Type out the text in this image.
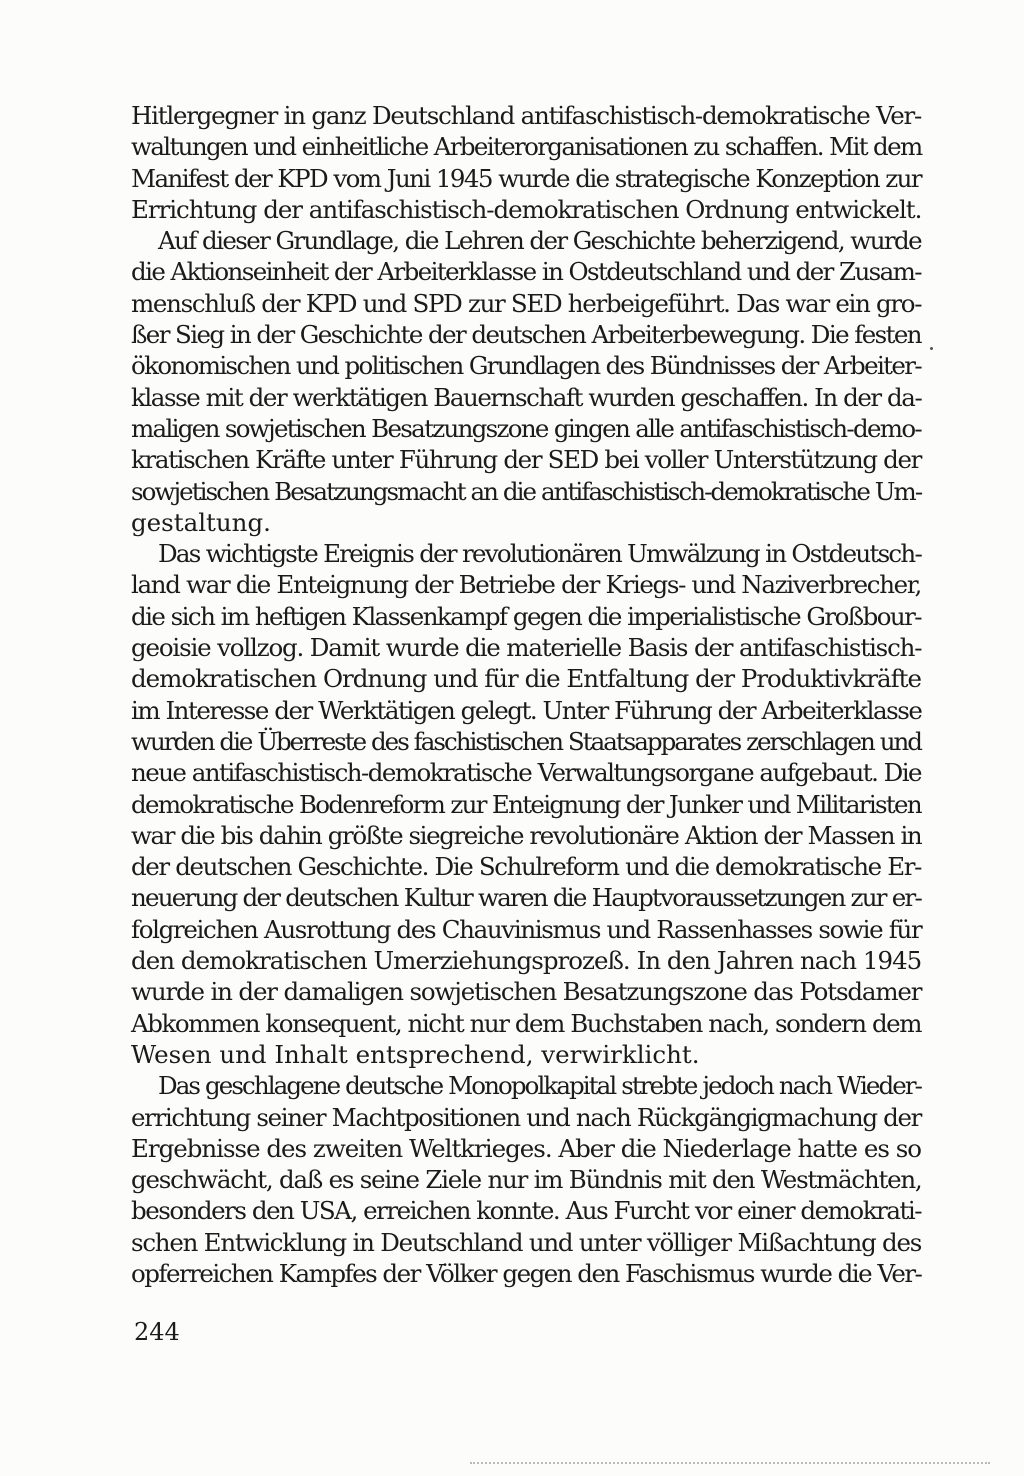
Hitlergegner in ganz Deutschland antifaschistisch-demokratische Ver-
waltungen und einheitliche Arbeiterorganisationen zu schaffen. Mit dem
Manifest der KPD vom Juni 1945 wurde die strategische Konzeption zur
Errichtung der antifaschistisch-demokratischen Ordnung entwickelt.
Auf dieser Grundlage, die Lehren der Geschichte beherzigend, wurde
die Aktionseinheit der Arbeiterklasse in Ostdeutschland und der Zusam-
menschluß der KPD und SPD zur SED herbeigeführt. Das war ein gro-
ßer Sieg in der Geschichte der deutschen Arbeiterbewegung. Die festen
ökonomischen und politischen Grundlagen des Bündnisses der Arbeiter-
klasse mit der werktätigen Bauernschaft wurden geschaffen. In der da-
maligen sowjetischen Besatzungszone gingen alle antifaschistisch-demo-
kratischen Kräfte unter Führung der SED bei voller Unterstützung der
sowjetischen Besatzungsmacht an die antifaschistisch-demokratische Um-
gestaltung.
Das wichtigste Ereignis der revolutionären Umwälzung in Ostdeutsch-
land war die Enteignung der Betriebe der Kriegs- und Naziverbrecher,
die sich im heftigen Klassenkampf gegen die imperialistische Großbour-
geoisie vollzog. Damit wurde die materielle Basis der antifaschistisch-
demokratischen Ordnung und für die Entfaltung der Produktivkräfte
im Interesse der Werktätigen gelegt. Unter Führung der Arbeiterklasse
wurden die Überreste des faschistischen Staatsapparates zerschlagen und
neue antifaschistisch-demokratische Verwaltungsorgane aufgebaut. Die
demokratische Bodenreform zur Enteignung der Junker und Militaristen
war die bis dahin größte siegreiche revolutionäre Aktion der Massen in
der deutschen Geschichte. Die Schulreform und die demokratische Er-
neuerung der deutschen Kultur waren die Hauptvoraussetzungen zur er-
folgreichen Ausrottung des Chauvinismus und Rassenhasses sowie für
den demokratischen Umerziehungsprozeß. In den Jahren nach 1945
wurde in der damaligen sowjetischen Besatzungszone das Potsdamer
Abkommen konsequent, nicht nur dem Buchstaben nach, sondern dem
Wesen und Inhalt entsprechend, verwirklicht.
Das geschlagene deutsche Monopolkapital strebte jedoch nach Wieder-
errichtung seiner Machtpositionen und nach Rückgängigmachung der
Ergebnisse des zweiten Weltkrieges. Aber die Niederlage hatte es so
geschwächt, daß es seine Ziele nur im Bündnis mit den Westmächten,
besonders den USA, erreichen konnte. Aus Furcht vor einer demokrati-
schen Entwicklung in Deutschland und unter völliger Mißachtung des
opferreichen Kampfes der Völker gegen den Faschismus wurde die Ver-
244
